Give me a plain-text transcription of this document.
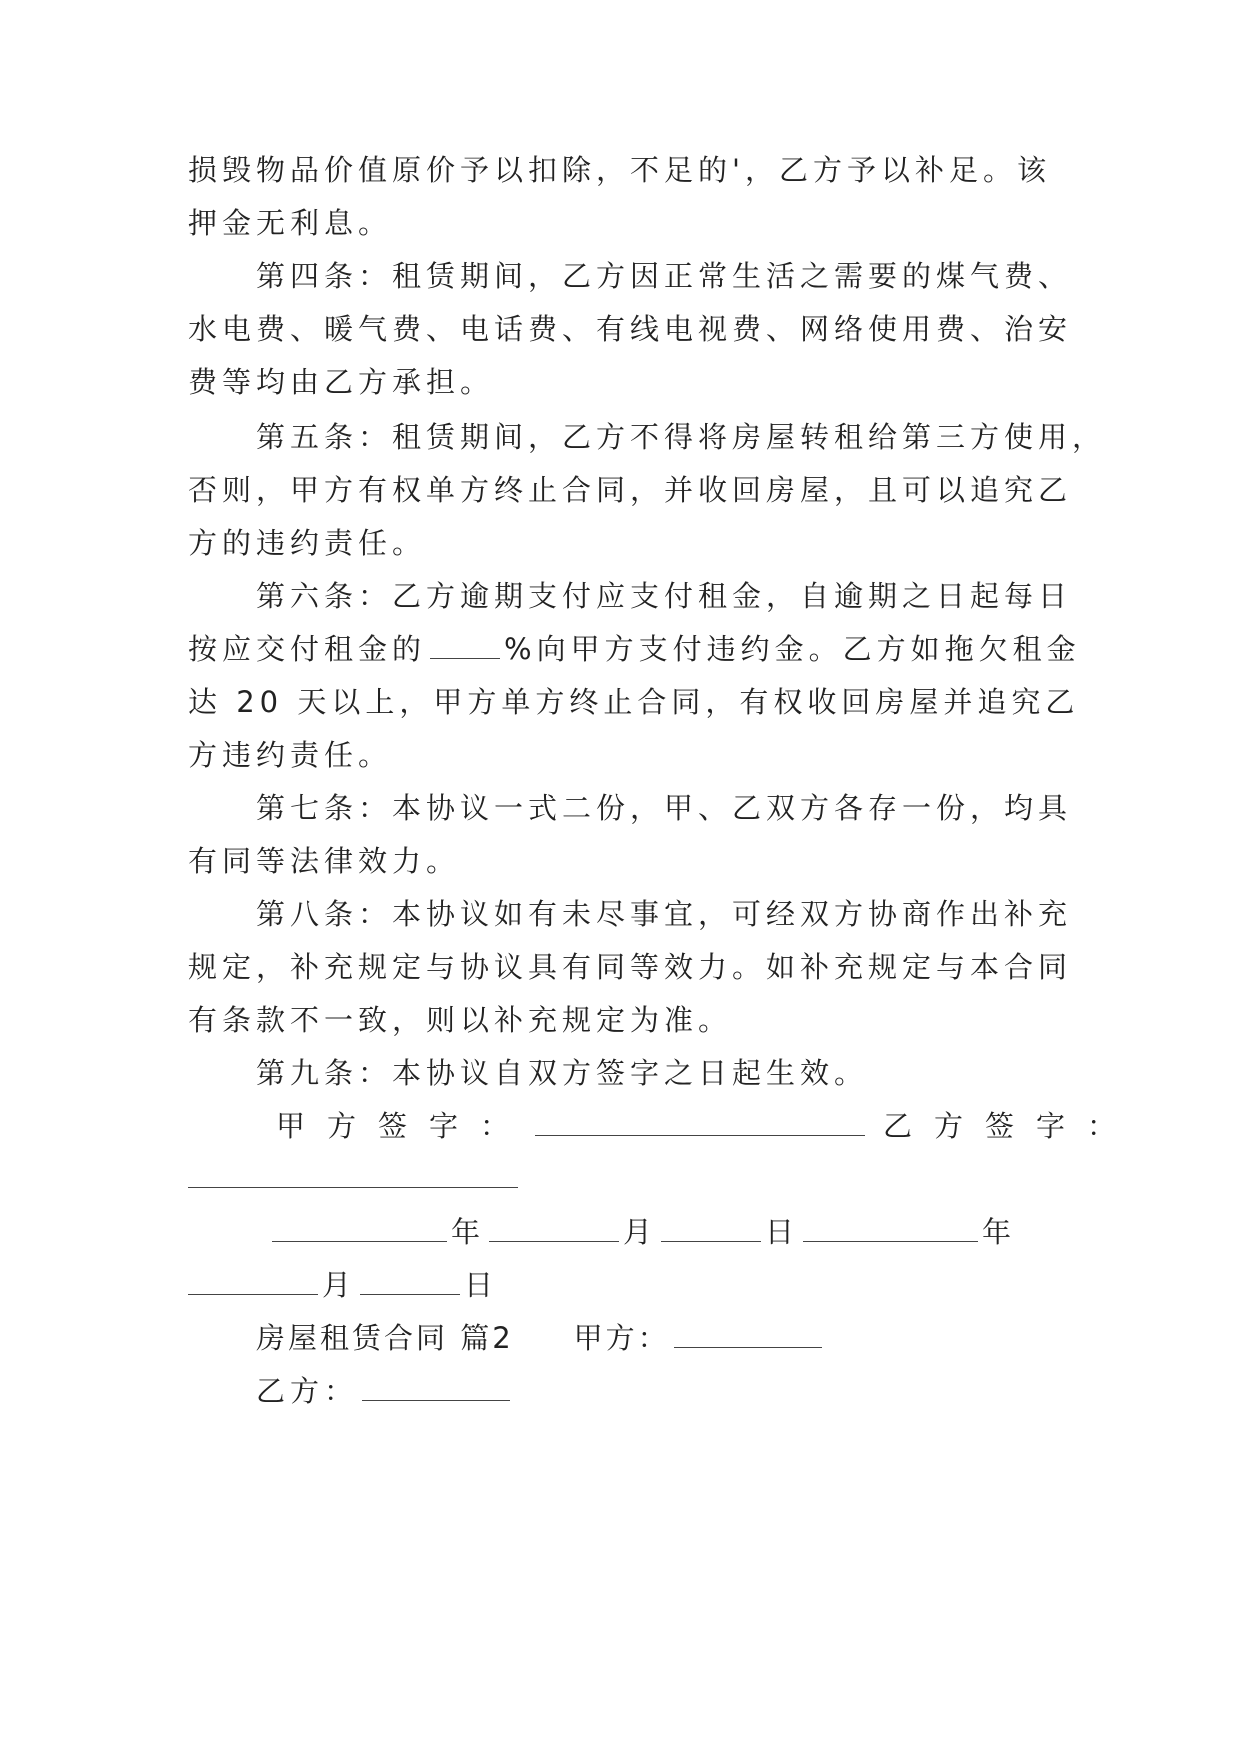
损毁物品价值原价予以扣除，不足的'，乙方予以补足。该
押金无利息。
第四条：租赁期间，乙方因正常生活之需要的煤气费、
水电费、暖气费、电话费、有线电视费、网络使用费、治安
费等均由乙方承担。
第五条：租赁期间，乙方不得将房屋转租给第三方使用，
否则，甲方有权单方终止合同，并收回房屋，且可以追究乙
方的违约责任。
第六条：乙方逾期支付应支付租金，自逾期之日起每日
按应交付租金的	%向甲方支付违约金。乙方如拖欠租金
达 20 天以上，甲方单方终止合同，有权收回房屋并追究乙
方违约责任。
第七条：本协议一式二份，甲、乙双方各存一份，均具
有同等法律效力。
第八条：本协议如有未尽事宜，可经双方协商作出补充
规定，补充规定与协议具有同等效力。如补充规定与本合同
有条款不一致，则以补充规定为准。
第九条：本协议自双方签字之日起生效。
甲方签字：	乙方签字：
年	月	日	年
月	日
房屋租赁合同 篇2 甲方：
乙方：
